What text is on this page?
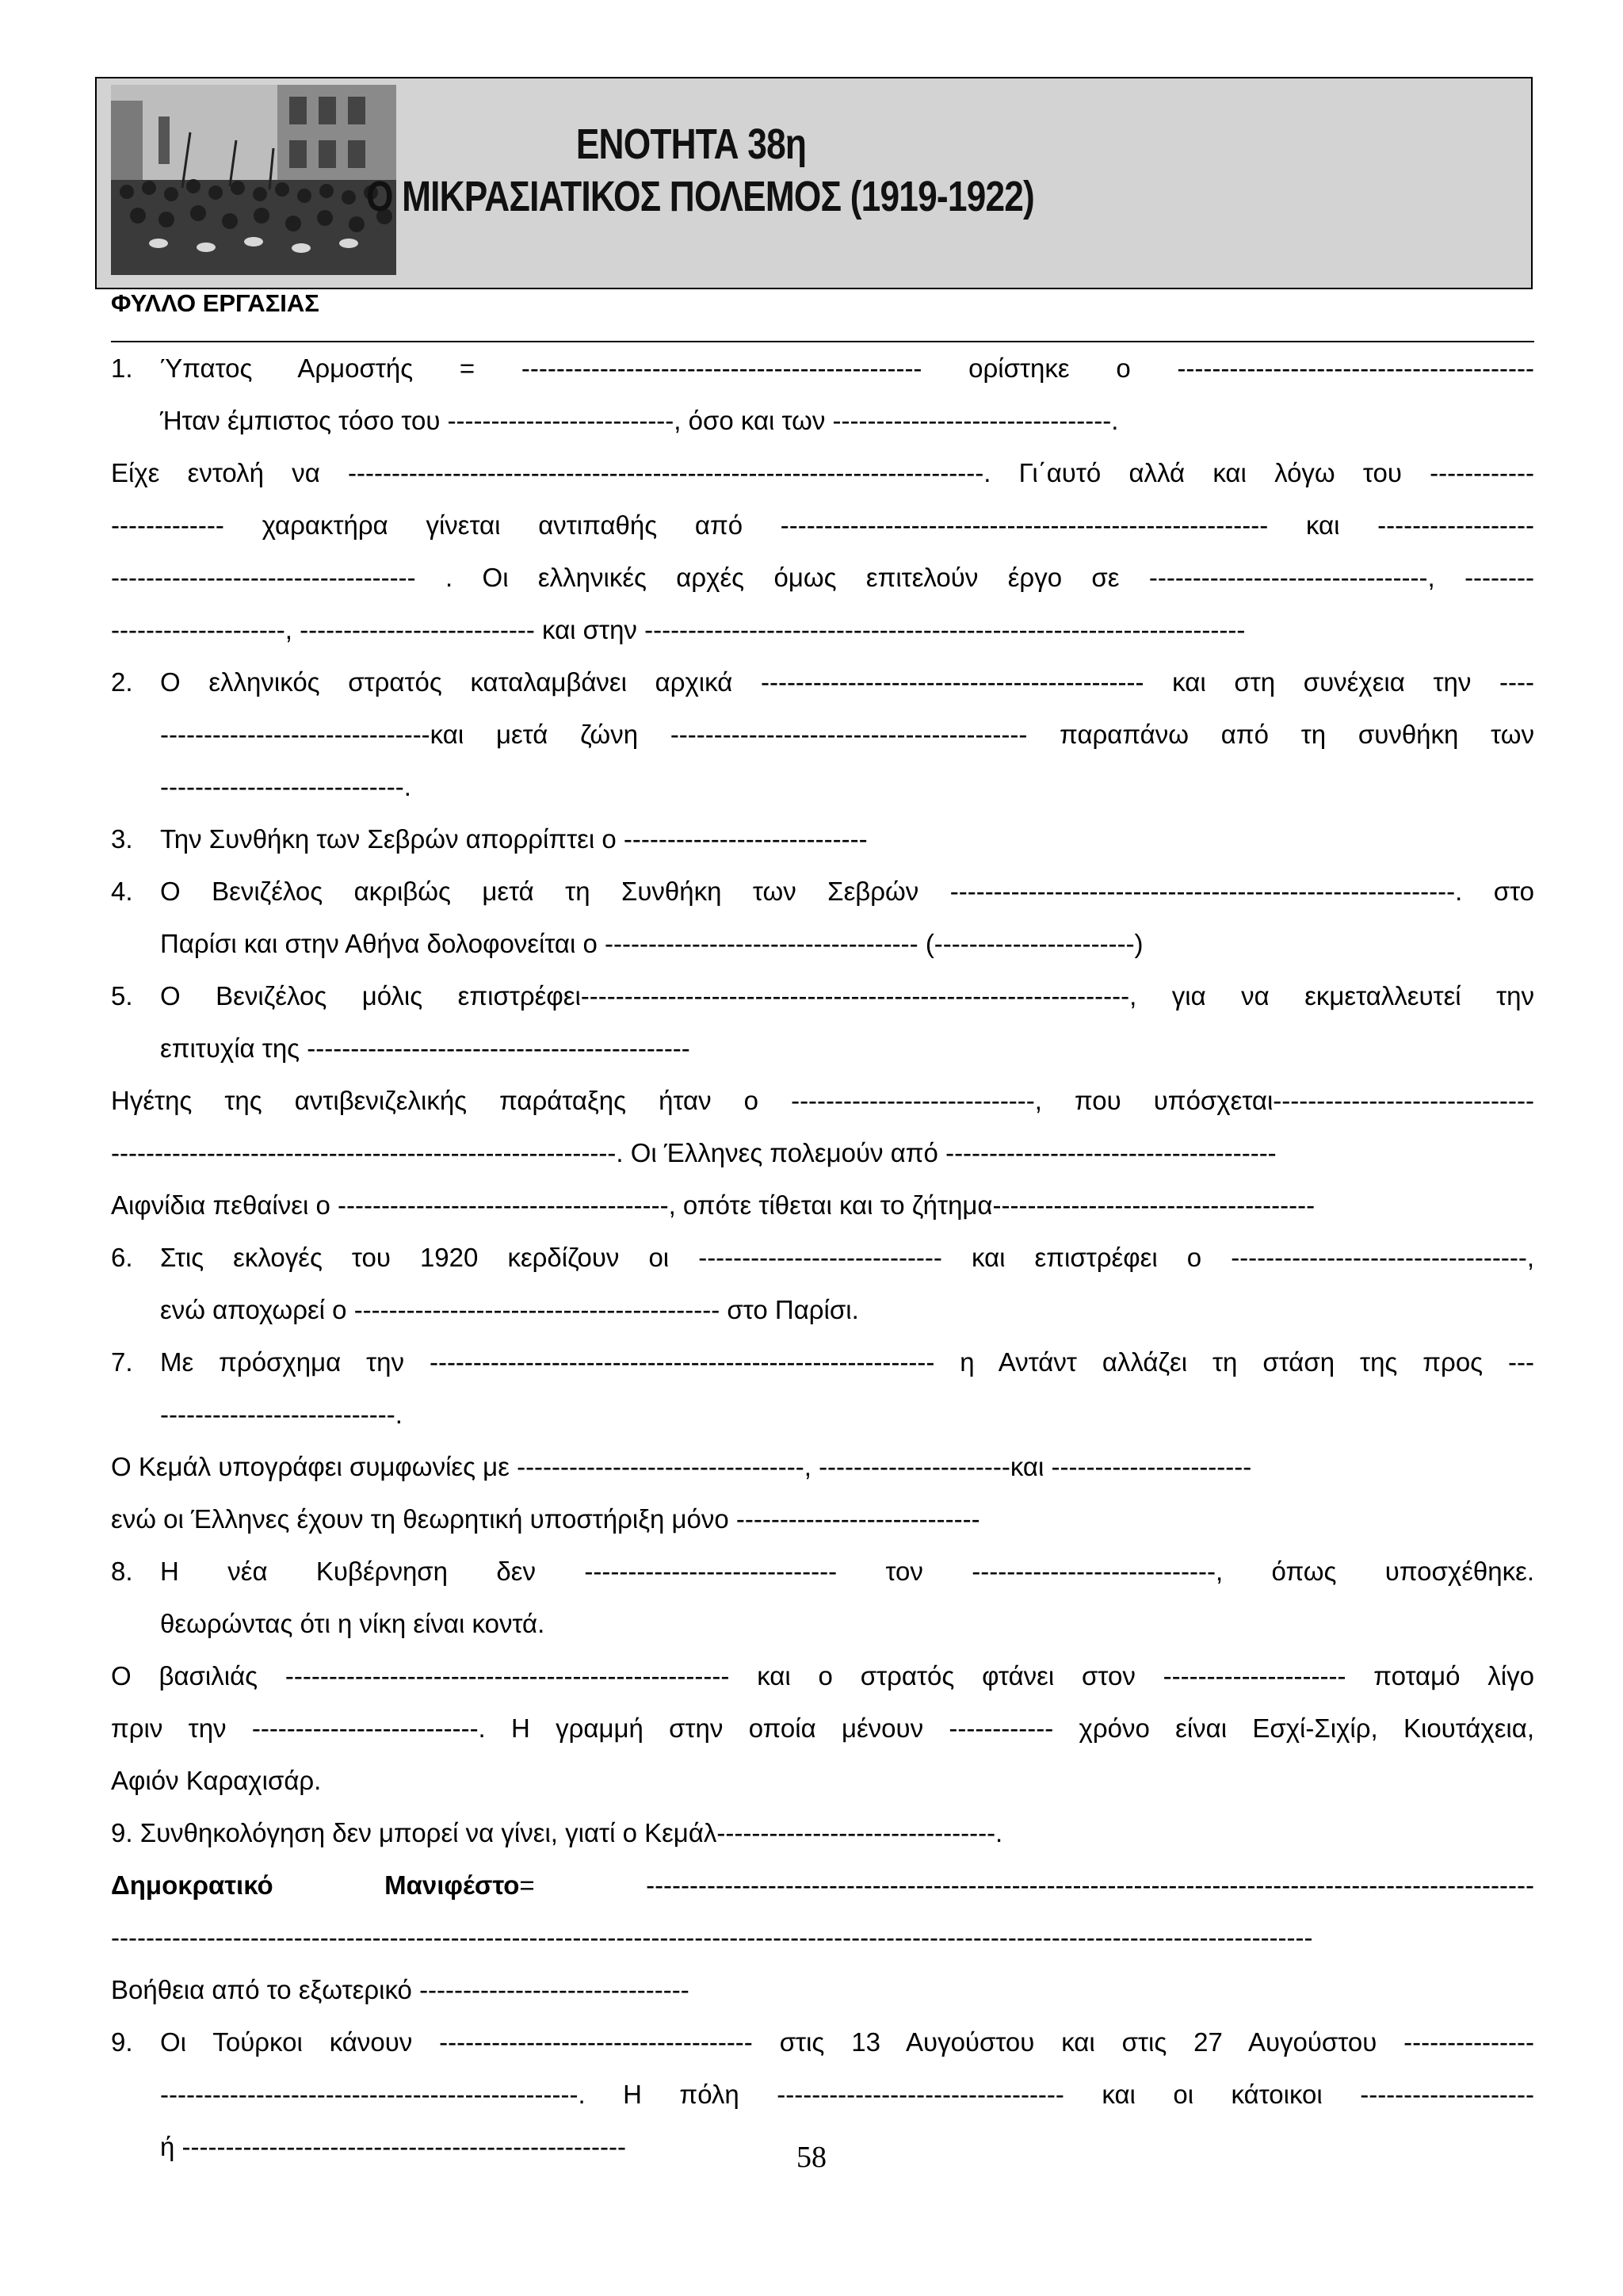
ΕΝΟΤΗΤΑ 38η
Ο ΜΙΚΡΑΣΙΑΤΙΚΟΣ ΠΟΛΕΜΟΣ (1919-1922)
ΦΥΛΛΟ ΕΡΓΑΣΙΑΣ
1. Ύπατος Αρμοστής = ---------------------------------------------- ορίστηκε ο -----------------------------------------
Ήταν έμπιστος τόσο του --------------------------, όσο και των --------------------------------.
Είχε εντολή να -------------------------------------------------------------------------. Γι΄αυτό αλλά και λόγω του ------------
------------- χαρακτήρα γίνεται αντιπαθής από -------------------------------------------------------- και ------------------
----------------------------------- . Οι ελληνικές αρχές όμως επιτελούν έργο σε --------------------------------, --------
--------------------, --------------------------- και στην ---------------------------------------------------------------------
2. Ο ελληνικός στρατός καταλαμβάνει αρχικά -------------------------------------------- και στη συνέχεια την ----
-------------------------------και μετά ζώνη ----------------------------------------- παραπάνω από τη συνθήκη των
----------------------------.
3. Την Συνθήκη των Σεβρών απορρίπτει ο ----------------------------
4. Ο Βενιζέλος ακριβώς μετά τη Συνθήκη των Σεβρών ----------------------------------------------------------. στο
Παρίσι και στην Αθήνα δολοφονείται ο ------------------------------------ (-----------------------)
5. Ο Βενιζέλος μόλις επιστρέφει---------------------------------------------------------------, για να εκμεταλλευτεί την
επιτυχία της --------------------------------------------
Ηγέτης της αντιβενιζελικής παράταξης ήταν ο ----------------------------, που υπόσχεται------------------------------
----------------------------------------------------------. Οι Έλληνες πολεμούν από --------------------------------------
Αιφνίδια πεθαίνει ο --------------------------------------, οπότε τίθεται και το ζήτημα-------------------------------------
6. Στις εκλογές του 1920 κερδίζουν οι ---------------------------- και επιστρέφει ο ----------------------------------,
ενώ αποχωρεί ο ------------------------------------------ στο Παρίσι.
7. Με πρόσχημα την ---------------------------------------------------------- η Αντάντ αλλάζει τη στάση της προς ---
---------------------------.
Ο Κεμάλ υπογράφει συμφωνίες με ---------------------------------, ----------------------και -----------------------
ενώ οι Έλληνες έχουν τη θεωρητική υποστήριξη μόνο ----------------------------
8. Η νέα Κυβέρνηση δεν ----------------------------- τον ----------------------------, όπως υποσχέθηκε.
θεωρώντας ότι η νίκη είναι κοντά.
Ο βασιλιάς --------------------------------------------------- και ο στρατός φτάνει στον --------------------- ποταμό λίγο
πριν την --------------------------. Η γραμμή στην οποία μένουν ------------ χρόνο είναι Εσχί-Σιχίρ, Κιουτάχεια,
Αφιόν Καραχισάρ.
9. Συνθηκολόγηση δεν μπορεί να γίνει, γιατί ο Κεμάλ--------------------------------.
Δημοκρατικό Μανιφέστο= ------------------------------------------------------------------------------------------------------
------------------------------------------------------------------------------------------------------------------------------------------
Βοήθεια από το εξωτερικό -------------------------------
9. Οι Τούρκοι κάνουν ------------------------------------ στις 13 Αυγούστου και στις 27 Αυγούστου ---------------
------------------------------------------------. Η πόλη --------------------------------- και οι κάτοικοι --------------------
ή ---------------------------------------------------	58
